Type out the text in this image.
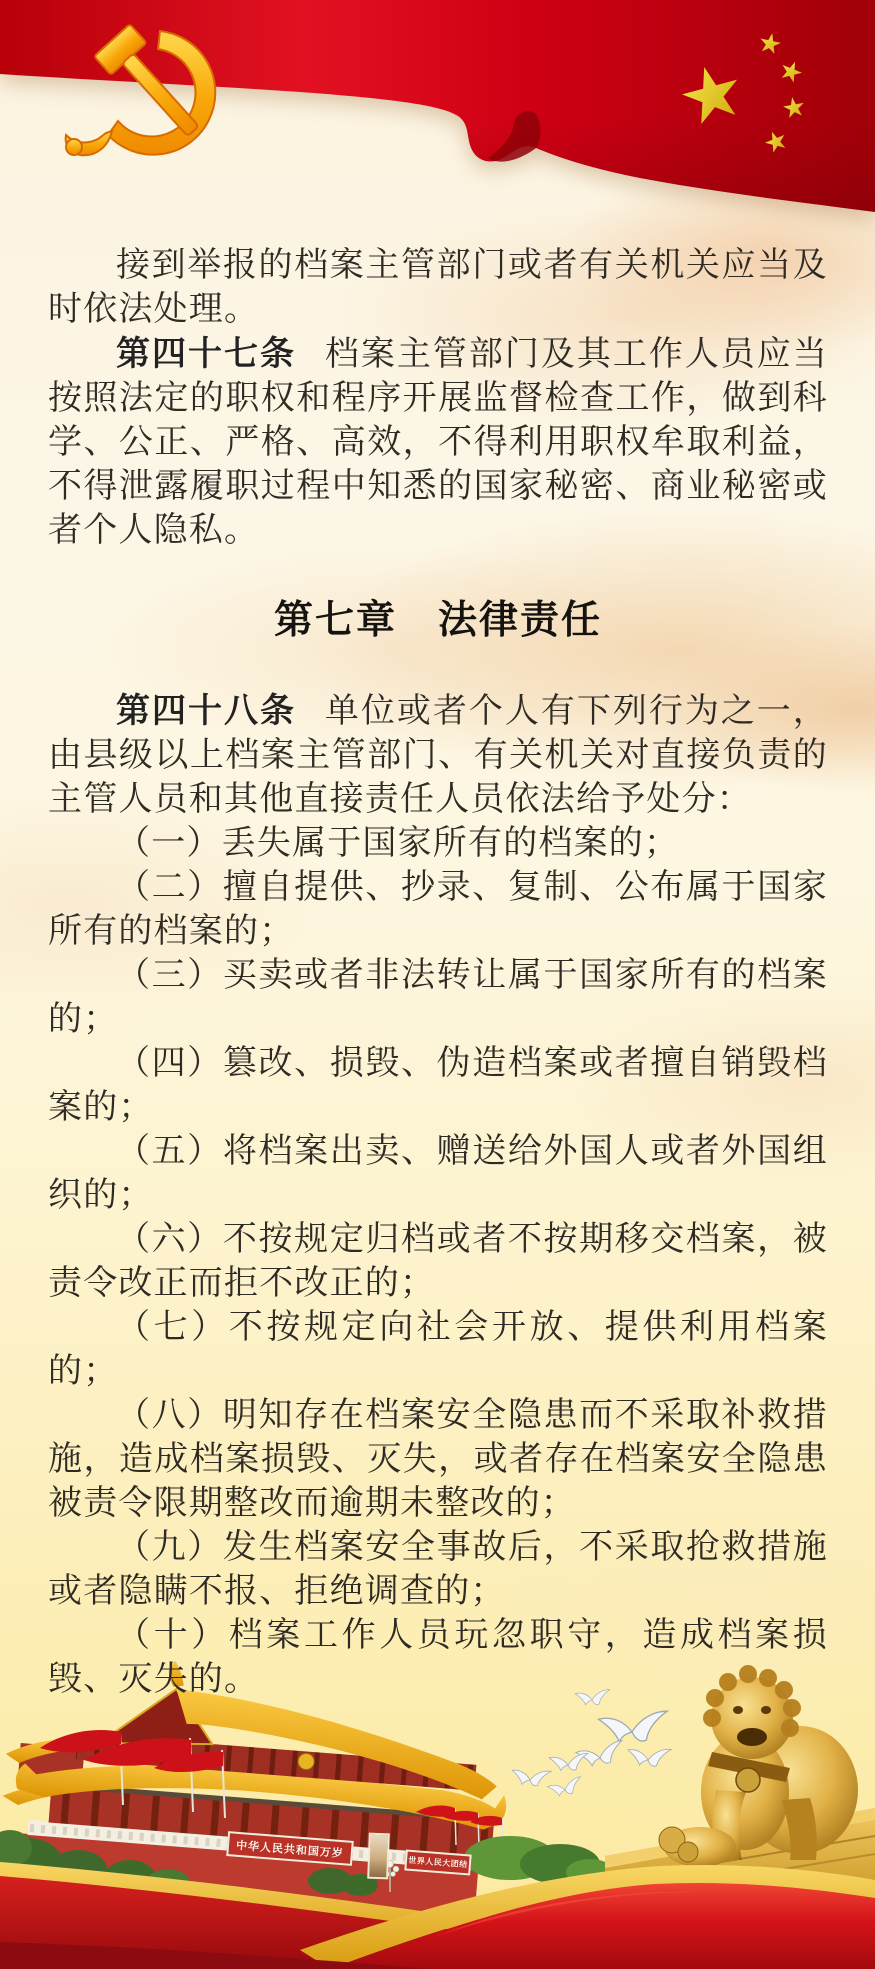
接到举报的档案主管部门或者有关机关应当及时依法处理。

第四十七条 档案主管部门及其工作人员应当按照法定的职权和程序开展监督检查工作，做到科学、公正、严格、高效，不得利用职权牟取利益，不得泄露履职过程中知悉的国家秘密、商业秘密或者个人隐私。

第七章　法律责任

第四十八条 单位或者个人有下列行为之一，由县级以上档案主管部门、有关机关对直接负责的主管人员和其他直接责任人员依法给予处分：

（一）丢失属于国家所有的档案的；

（二）擅自提供、抄录、复制、公布属于国家所有的档案的；

（三）买卖或者非法转让属于国家所有的档案的；

（四）篡改、损毁、伪造档案或者擅自销毁档案的；

（五）将档案出卖、赠送给外国人或者外国组织的；

（六）不按规定归档或者不按期移交档案，被责令改正而拒不改正的；

（七）不按规定向社会开放、提供利用档案的；

（八）明知存在档案安全隐患而不采取补救措施，造成档案损毁、灭失，或者存在档案安全隐患被责令限期整改而逾期未整改的；

（九）发生档案安全事故后，不采取抢救措施或者隐瞒不报、拒绝调查的；

（十）档案工作人员玩忽职守，造成档案损毁、灭失的。

中华人民共和国万岁
世界人民大团结
